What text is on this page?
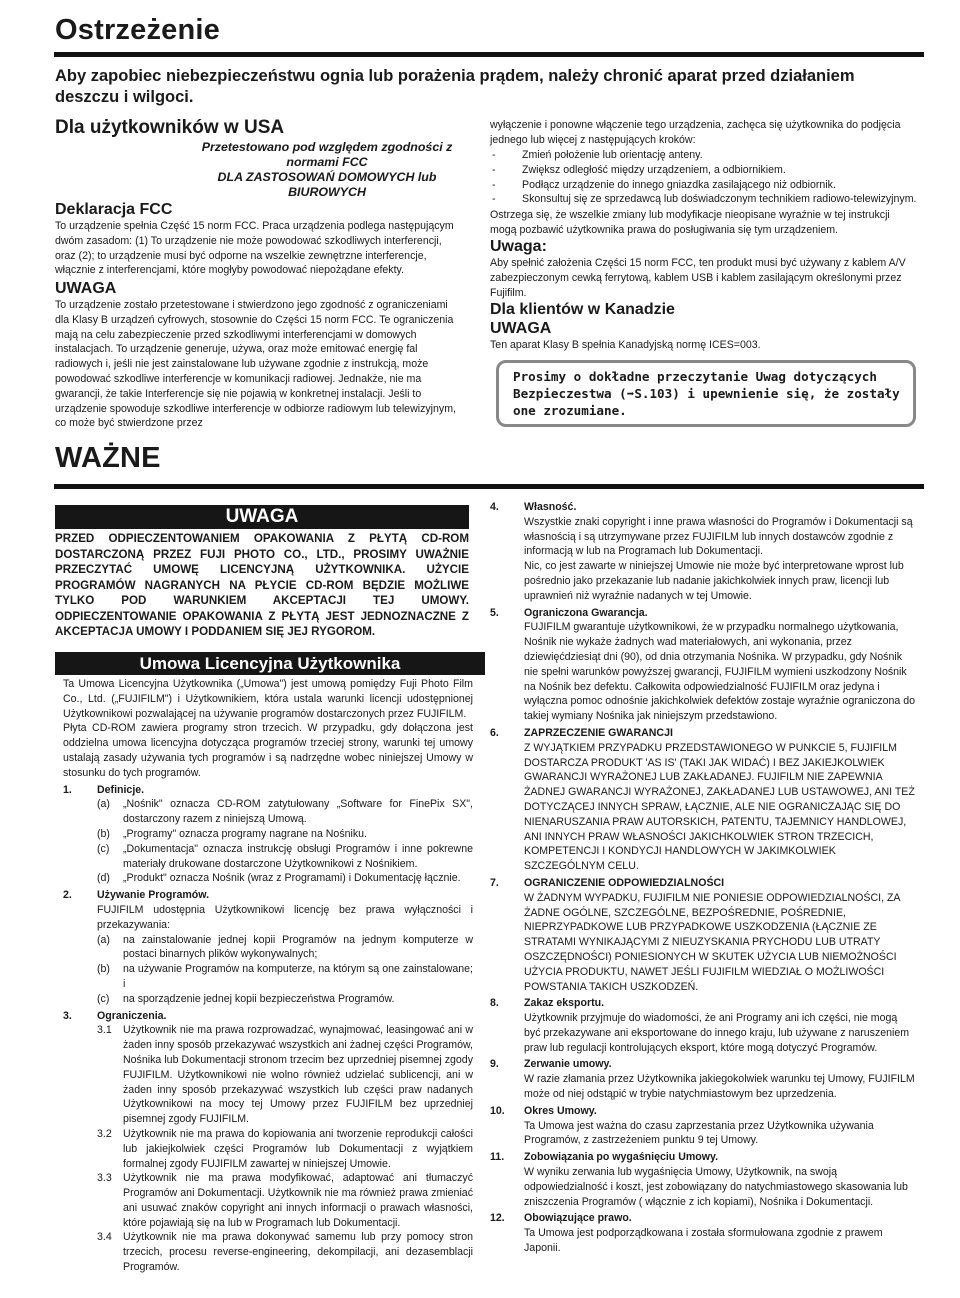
Ostrzeżenie
Aby zapobiec niebezpieczeństwu ognia lub porażenia prądem, należy chronić aparat przed działaniem deszczu i wilgoci.
Dla użytkowników w USA
Przetestowano pod względem zgodności z
normami FCC
DLA ZASTOSOWAŃ DOMOWYCH lub
BIUROWYCH
Deklaracja FCC
To urządzenie spełnia Część 15 norm FCC. Praca urządzenia podlega następującym dwóm zasadom: (1) To urządzenie nie może powodować szkodliwych interferencji, oraz (2); to urządzenie musi być odporne na wszelkie zewnętrzne interferencje, włącznie z interferencjami, które mogłyby powodować niepożądane efekty.
UWAGA
To urządzenie zostało przetestowane i stwierdzono jego zgodność z ograniczeniami dla Klasy B urządzeń cyfrowych, stosownie do Części 15 norm FCC. Te ograniczenia mają na celu zabezpieczenie przed szkodliwymi interferencjami w domowych instalacjach. To urządzenie generuje, używa, oraz może emitować energię fal radiowych i, jeśli nie jest zainstalowane lub używane zgodnie z instrukcją, może powodować szkodliwe interferencje w komunikacji radiowej. Jednakże, nie ma gwarancji, że takie Interferencje się nie pojawią w konkretnej instalacji. Jeśli to urządzenie spowoduje szkodliwe interferencje w odbiorze radiowym lub telewizyjnym, co może być stwierdzone przez
wyłączenie i ponowne włączenie tego urządzenia, zachęca się użytkownika do podjęcia jednego lub więcej z następujących kroków:
- Zmień położenie lub orientację anteny.
- Zwiększ odległość między urządzeniem, a odbiornikiem.
- Podłącz urządzenie do innego gniazdka zasilającego niż odbiornik.
- Skonsultuj się ze sprzedawcą lub doświadczonym technikiem radiowo-telewizyjnym.
Ostrzega się, że wszelkie zmiany lub modyfikacje nieopisane wyraźnie w tej instrukcji mogą pozbawić użytkownika prawa do posługiwania się tym urządzeniem.
Uwaga:
Aby spełnić założenia Części 15 norm FCC, ten produkt musi być używany z kablem A/V zabezpieczonym cewką ferrytową, kablem USB i kablem zasilającym określonymi przez Fujifilm.
Dla klientów w Kanadzie
UWAGA
Ten aparat Klasy B spełnia Kanadyjską normę ICES=003.
Prosimy o dokładne przeczytanie Uwag dotyczących
Bezpieczestwa (➡S.103) i upewnienie się, że zostały
one zrozumiane.
WAŻNE
UWAGA
PRZED ODPIECZENTOWANIEM OPAKOWANIA Z PŁYTĄ CD-ROM DOSTARCZONĄ PRZEZ FUJI PHOTO CO., LTD., PROSIMY UWAŻNIE PRZECZYTAĆ UMOWĘ LICENCYJNĄ UŻYTKOWNIKA. UŻYCIE PROGRAMÓW NAGRANYCH NA PŁYCIE CD-ROM BĘDZIE MOŻLIWE TYLKO POD WARUNKIEM AKCEPTACJI TEJ UMOWY. ODPIECZENTOWANIE OPAKOWANIA Z PŁYTĄ JEST JEDNOZNACZNE Z AKCEPTACJA UMOWY I PODDANIEM SIĘ JEJ RYGOROM.
Umowa Licencyjna Użytkownika

Ta Umowa Licencyjna Użytkownika („Umowa") jest umową pomiędzy Fuji Photo Film Co., Ltd. („FUJIFILM") i Użytkownikiem, która ustala warunki licencji udostępnionej Użytkownikowi pozwalającej na używanie programów dostarczonych przez FUJIFILM.

Płyta CD-ROM zawiera programy stron trzecich. W przypadku, gdy dołączona jest oddzielna umowa licencyjna dotycząca programów trzeciej strony, warunki tej umowy ustalają zasady używania tych programów i są nadrzędne wobec niniejszej Umowy w stosunku do tych programów.

1. Definicje.
(a) „Nośnik" oznacza CD-ROM zatytułowany „Software for FinePix SX", dostarczony razem z niniejszą Umową.
(b) „Programy" oznacza programy nagrane na Nośniku.
(c) „Dokumentacja" oznacza instrukcję obsługi Programów i inne pokrewne materiały drukowane dostarczone Użytkownikowi z Nośnikiem.
(d) „Produkt" oznacza Nośnik (wraz z Programami) i Dokumentację łącznie.
2. Używanie Programów.
FUJIFILM udostępnia Użytkownikowi licencję bez prawa wyłączności i przekazywania:
(a) na zainstalowanie jednej kopii Programów na jednym komputerze w postaci binarnych plików wykonywalnych;
(b) na używanie Programów na komputerze, na którym są one zainstalowane; i
(c) na sporządzenie jednej kopii bezpieczeństwa Programów.
3. Ograniczenia.
3.1 Użytkownik nie ma prawa rozprowadzać, wynajmować, leasingować ani w żaden inny sposób przekazywać wszystkich ani żadnej części Programów, Nośnika lub Dokumentacji stronom trzecim bez uprzedniej pisemnej zgody FUJIFILM. Użytkownikowi nie wolno również udzielać sublicencji, ani w żaden inny sposób przekazywać wszystkich lub części praw nadanych Użytkownikowi na mocy tej Umowy przez FUJIFILM bez uprzedniej pisemnej zgody FUJIFILM.
3.2 Użytkownik nie ma prawa do kopiowania ani tworzenie reprodukcji całości lub jakiejkolwiek części Programów lub Dokumentacji z wyjątkiem formalnej zgody FUJIFILM zawartej w niniejszej Umowie.
3.3 Użytkownik nie ma prawa modyfikować, adaptować ani tłumaczyć Programów ani Dokumentacji. Użytkownik nie ma również prawa zmieniać ani usuwać znaków copyright ani innych informacji o prawach własności, które pojawiają się na lub w Programach lub Dokumentacji.
3.4 Użytkownik nie ma prawa dokonywać samemu lub przy pomocy stron trzecich, procesu reverse-engineering, dekompilacji, ani dezasemblacji Programów.
4. Własność.
Wszystkie znaki copyright i inne prawa własności do Programów i Dokumentacji są własnością i są utrzymywane przez FUJIFILM lub innych dostawców zgodnie z informacją w lub na Programach lub Dokumentacji.
Nic, co jest zawarte w niniejszej Umowie nie może być interpretowane wprost lub pośrednio jako przekazanie lub nadanie jakichkolwiek innych praw, licencji lub uprawnień niż wyraźnie nadanych w tej Umowie.
5. Ograniczona Gwarancja.
FUJIFILM gwarantuje użytkownikowi, że w przypadku normalnego użytkowania, Nośnik nie wykaże żadnych wad materiałowych, ani wykonania, przez dziewięćdziesiąt dni (90), od dnia otrzymania Nośnika. W przypadku, gdy Nośnik nie spełni warunków powyższej gwarancji, FUJIFILM wymieni uszkodzony Nośnik na Nośnik bez defektu. Całkowita odpowiedzialność FUJIFILM oraz jedyna i wyłączna pomoc odnośnie jakichkolwiek defektów zostaje wyraźnie ograniczona do takiej wymiany Nośnika jak niniejszym przedstawiono.
6. ZAPRZECZENIE GWARANCJI
Z WYJĄTKIEM PRZYPADKU PRZEDSTAWIONEGO W PUNKCIE 5, FUJIFILM DOSTARCZA PRODUKT 'AS IS' (TAKI JAK WIDAĆ) I BEZ JAKIEJKOLWIEK GWARANCJI WYRAŻONEJ LUB ZAKŁADANEJ. FUJIFILM NIE ZAPEWNIA ŻADNEJ GWARANCJI WYRAŻONEJ, ZAKŁADANEJ LUB USTAWOWEJ, ANI TEŻ DOTYCZĄCEJ INNYCH SPRAW, ŁĄCZNIE, ALE NIE OGRANICZAJĄC SIĘ DO NIENARUSZANIA PRAW AUTORSKICH, PATENTU, TAJEMNICY HANDLOWEJ, ANI INNYCH PRAW WŁASNOŚCI JAKICHKOLWIEK STRON TRZECICH, KOMPETENCJI I KONDYCJI HANDLOWYCH W JAKIMKOLWIEK SZCZEGÓLNYM CELU.
7. OGRANICZENIE ODPOWIEDZIALNOŚCI
W ŻADNYM WYPADKU, FUJIFILM NIE PONIESIE ODPOWIEDZIALNOŚCI, ZA ŻADNE OGÓLNE, SZCZEGÓLNE, BEZPOŚREDNIE, POŚREDNIE, NIEPRZYPADKOWE LUB PRZYPADKOWE USZKODZENIA (ŁĄCZNIE ZE STRATAMI WYNIKAJĄCYMI Z NIEUZYSKANIA PRYCHODU LUB UTRATY OSZCZĘDNOŚCI) PONIESIONYCH W SKUTEK UŻYCIA LUB NIEMOŻNOŚCI UŻYCIA PRODUKTU, NAWET JEŚLI FUJIFILM WIEDZIAŁ O MOŻLIWOŚCI POWSTANIA TAKICH USZKODZEŃ.
8. Zakaz eksportu.
Użytkownik przyjmuje do wiadomości, że ani Programy ani ich części, nie mogą być przekazywane ani eksportowane do innego kraju, lub używane z naruszeniem praw lub regulacji kontrolujących eksport, które mogą dotyczyć Programów.
9. Zerwanie umowy.
W razie złamania przez Użytkownika jakiegokolwiek warunku tej Umowy, FUJIFILM może od niej odstąpić w trybie natychmiastowym bez uprzedzenia.
10. Okres Umowy.
Ta Umowa jest ważna do czasu zaprzestania przez Użytkownika używania Programów, z zastrzeżeniem punktu 9 tej Umowy.
11. Zobowiązania po wygaśnięciu Umowy.
W wyniku zerwania lub wygaśnięcia Umowy, Użytkownik, na swoją odpowiedzialność i koszt, jest zobowiązany do natychmiastowego skasowania lub zniszczenia Programów ( włącznie z ich kopiami), Nośnika i Dokumentacji.
12. Obowiązujące prawo.
Ta Umowa jest podporządkowana i została sformułowana zgodnie z prawem Japonii.
